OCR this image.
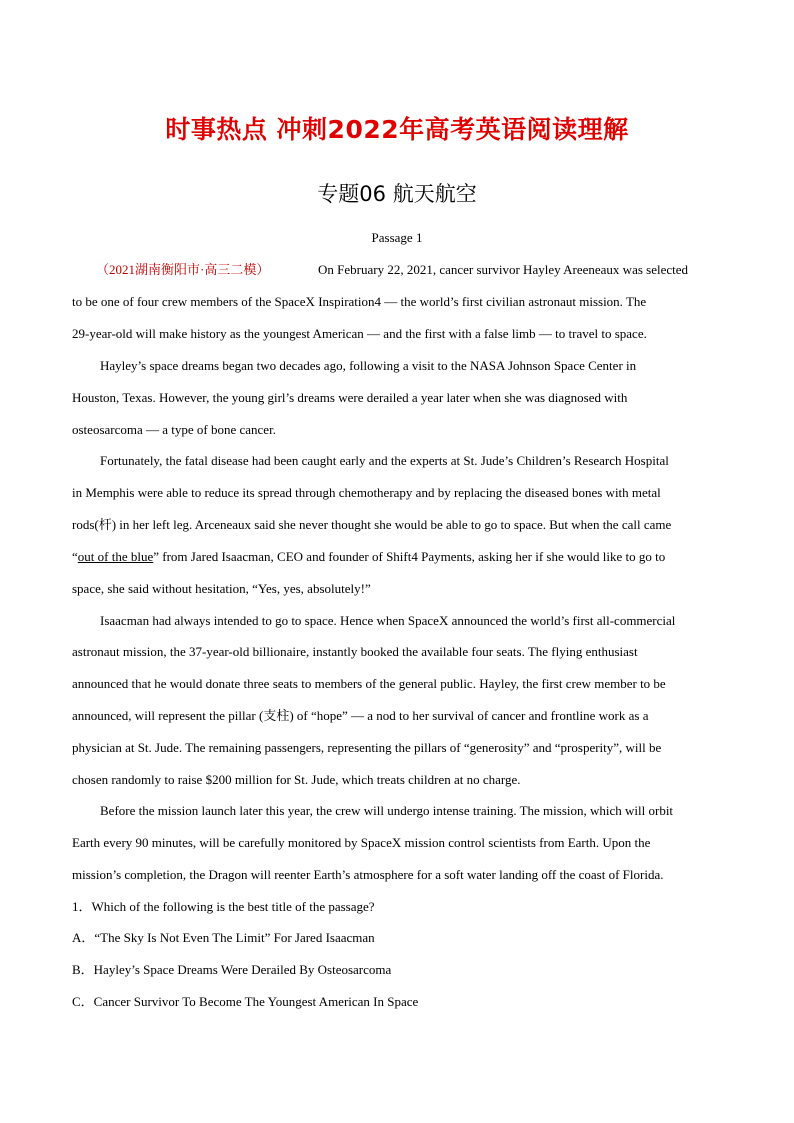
时事热点 冲刺2022年高考英语阅读理解
专题06 航天航空
Passage 1
（2021湖南衡阳市·高三二模）	On February 22, 2021, cancer survivor Hayley Areeneaux was selected
to be one of four crew members of the SpaceX Inspiration4 — the world’s first civilian astronaut mission. The
29-year-old will make history as the youngest American — and the first with a false limb — to travel to space.
Hayley’s space dreams began two decades ago, following a visit to the NASA Johnson Space Center in
Houston, Texas. However, the young girl’s dreams were derailed a year later when she was diagnosed with
osteosarcoma — a type of bone cancer.
Fortunately, the fatal disease had been caught early and the experts at St. Jude’s Children’s Research Hospital
in Memphis were able to reduce its spread through chemotherapy and by replacing the diseased bones with metal
rods(杆) in her left leg. Arceneaux said she never thought she would be able to go to space. But when the call came
“out of the blue” from Jared Isaacman, CEO and founder of Shift4 Payments, asking her if she would like to go to
space, she said without hesitation, “Yes, yes, absolutely!”
Isaacman had always intended to go to space. Hence when SpaceX announced the world’s first all-commercial
astronaut mission, the 37-year-old billionaire, instantly booked the available four seats. The flying enthusiast
announced that he would donate three seats to members of the general public. Hayley, the first crew member to be
announced, will represent the pillar (支柱) of “hope” — a nod to her survival of cancer and frontline work as a
physician at St. Jude. The remaining passengers, representing the pillars of “generosity” and “prosperity”, will be
chosen randomly to raise $200 million for St. Jude, which treats children at no charge.
Before the mission launch later this year, the crew will undergo intense training. The mission, which will orbit
Earth every 90 minutes, will be carefully monitored by SpaceX mission control scientists from Earth. Upon the
mission’s completion, the Dragon will reenter Earth’s atmosphere for a soft water landing off the coast of Florida.
1．Which of the following is the best title of the passage?
A．“The Sky Is Not Even The Limit” For Jared Isaacman
B．Hayley’s Space Dreams Were Derailed By Osteosarcoma
C．Cancer Survivor To Become The Youngest American In Space
